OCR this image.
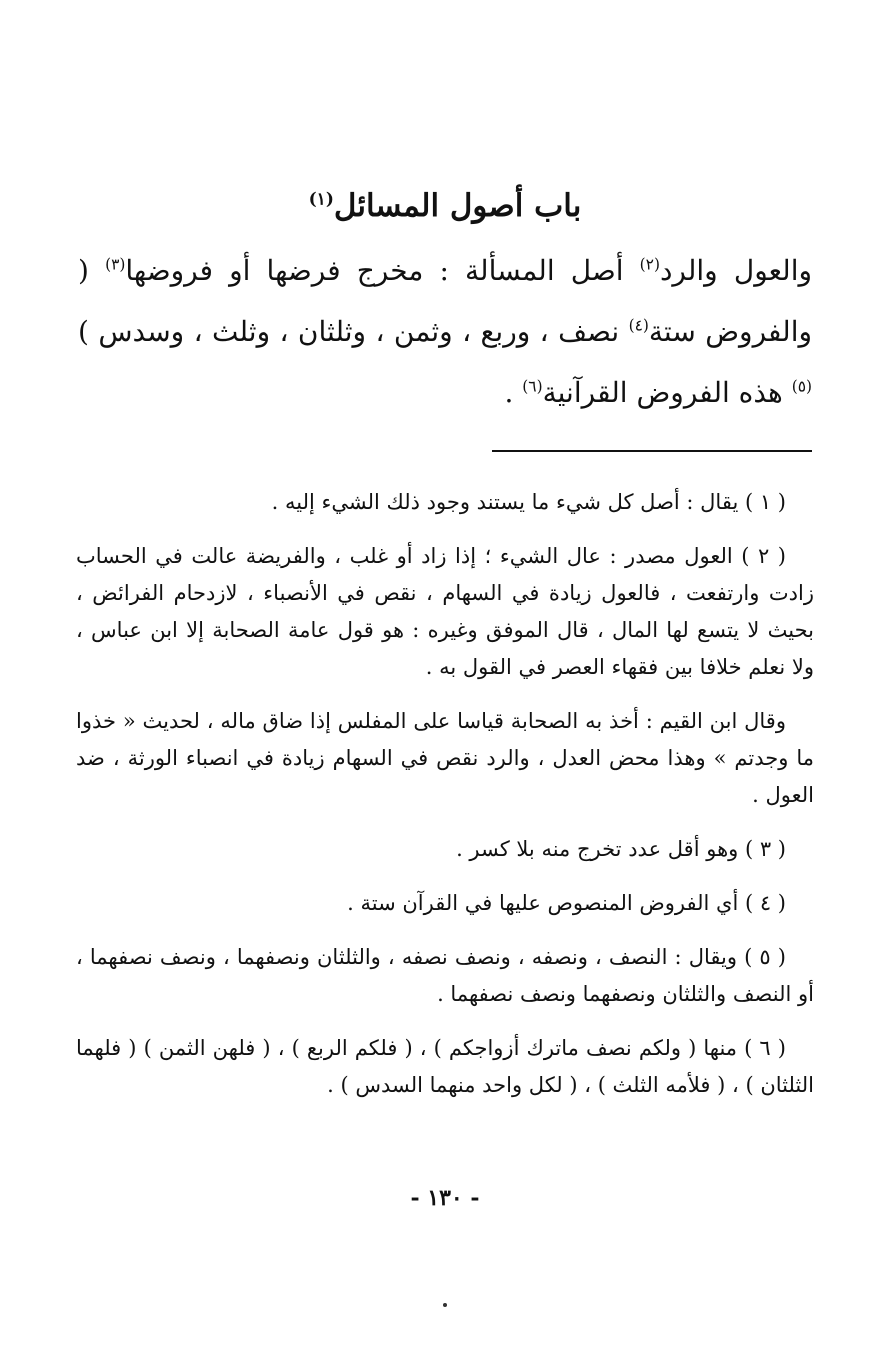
باب أصول المسائل$^{(١)}$
والعول والرد$^{(٢)}$ أصل المسألة : مخرج فرضها أو فروضها$^{(٣)}$ ( والفروض ستة$^{(٤)}$ نصف ، وربع ، وثمن ، وثلثان ، وثلث ، وسدس )$^{(٥)}$ هذه الفروض القرآنية$^{(٦)}$ .

( ١ ) يقال : أصل كل شيء ما يستند وجود ذلك الشيء إليه .

( ٢ ) العول مصدر : عال الشيء ؛ إذا زاد أو غلب ، والفريضة عالت في الحساب زادت وارتفعت ، فالعول زيادة في السهام ، نقص في الأنصباء ، لازدحام الفرائض ، بحيث لا يتسع لها المال ، قال الموفق وغيره : هو قول عامة الصحابة إلا ابن عباس ، ولا نعلم خلافا بين فقهاء العصر في القول به .

وقال ابن القيم : أخذ به الصحابة قياسا على المفلس إذا ضاق ماله ، لحديث « خذوا ما وجدتم » وهذا محض العدل ، والرد نقص في السهام زيادة في انصباء الورثة ، ضد العول .

( ٣ ) وهو أقل عدد تخرج منه بلا كسر .

( ٤ ) أي الفروض المنصوص عليها في القرآن ستة .

( ٥ ) ويقال : النصف ، ونصفه ، ونصف نصفه ، والثلثان ونصفهما ، ونصف نصفهما ، أو النصف والثلثان ونصفهما ونصف نصفهما .

( ٦ ) منها ( ولكم نصف ماترك أزواجكم ) ، ( فلكم الربع ) ، ( فلهن الثمن ) ( فلهما الثلثان ) ، ( فلأمه الثلث ) ، ( لكل واحد منهما السدس ) .

- ١٣٠ -
